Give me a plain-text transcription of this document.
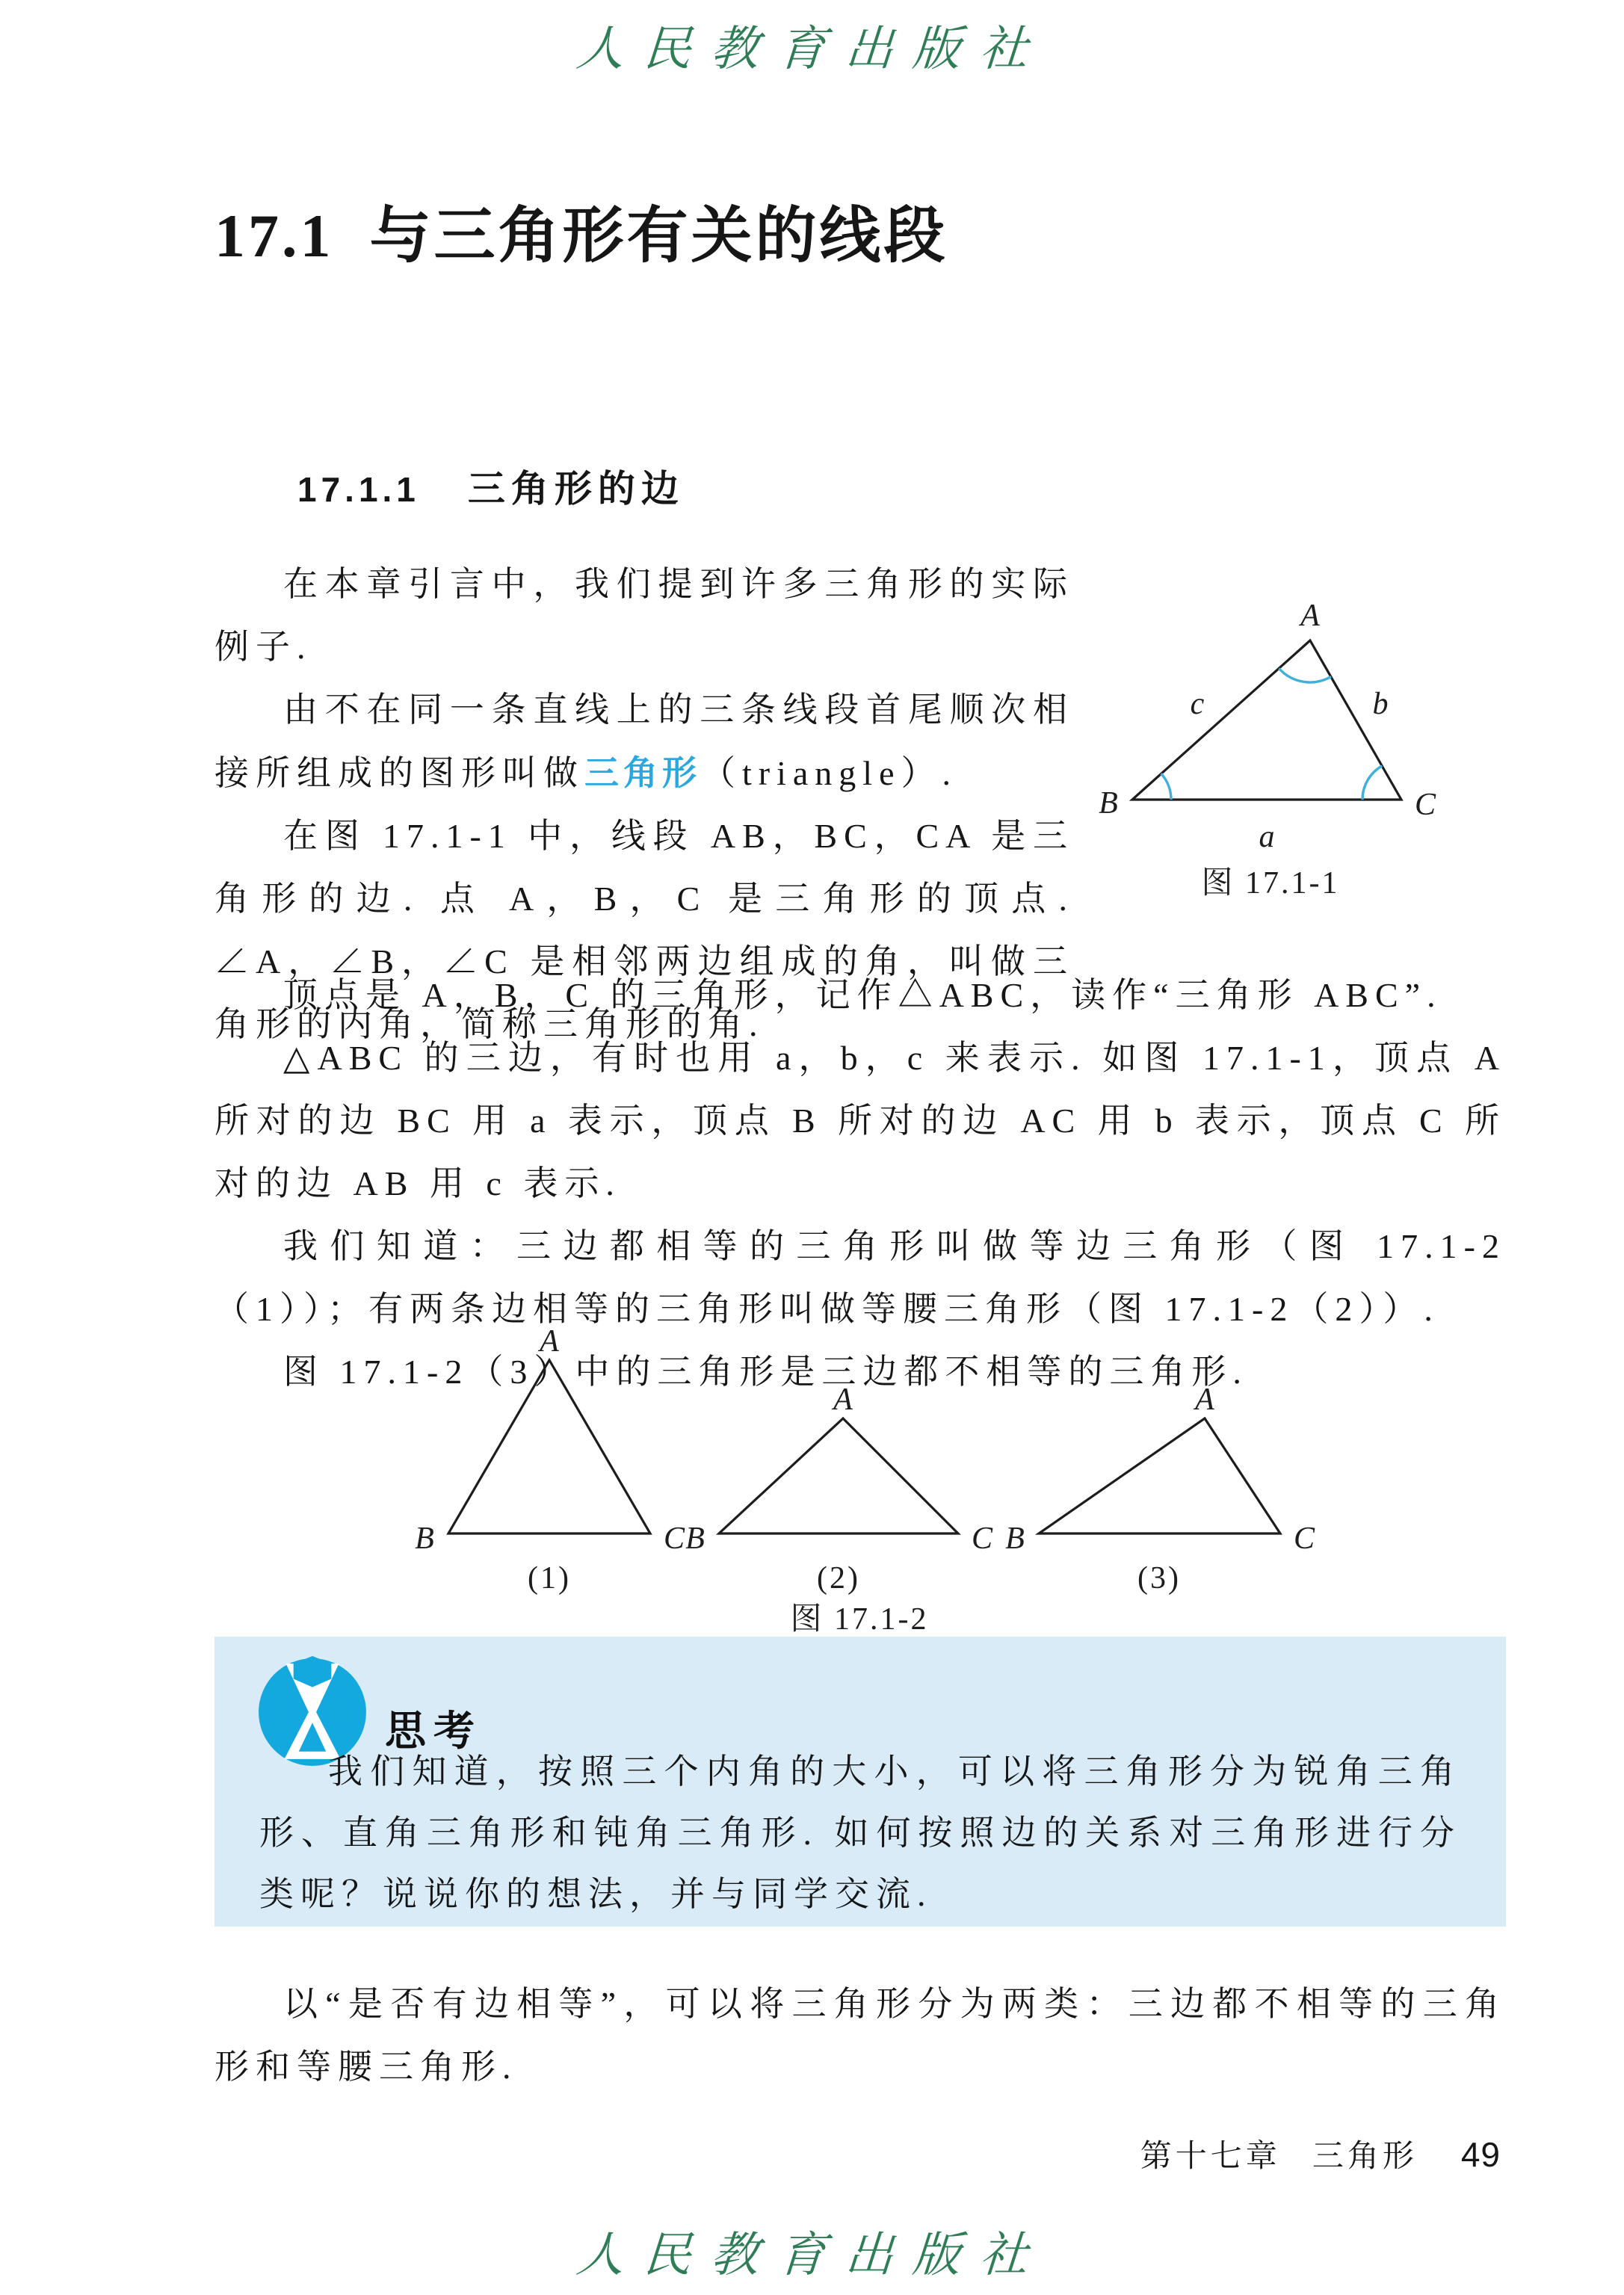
人民教育出版社
17.1 与三角形有关的线段
17.1.1 三角形的边

在本章引言中，我们提到许多三角形的实际例子.

由不在同一条直线上的三条线段首尾顺次相接所组成的图形叫做三角形（triangle）.

在图 17.1-1 中，线段 AB，BC，CA 是三角形的边. 点 A，B，C 是三角形的顶点. ∠A，∠B，∠C 是相邻两边组成的角，叫做三角形的内角，简称三角形的角.

A
B	C
c	b
a
图 17.1-1

顶点是 A，B，C 的三角形，记作△ABC，读作“三角形 ABC”.

△ABC 的三边，有时也用 a，b，c 来表示. 如图 17.1-1，顶点 A 所对的边 BC 用 a 表示，顶点 B 所对的边 AC 用 b 表示，顶点 C 所对的边 AB 用 c 表示.

我们知道：三边都相等的三角形叫做等边三角形（图 17.1-2（1））；有两条边相等的三角形叫做等腰三角形（图 17.1-2（2））.

图 17.1-2（3）中的三角形是三边都不相等的三角形.

A
B	C
(1)
A
B	C
(2)
A
B	C
(3)
图 17.1-2
思考

我们知道，按照三个内角的大小，可以将三角形分为锐角三角形、直角三角形和钝角三角形. 如何按照边的关系对三角形进行分类呢？说说你的想法，并与同学交流.

以“是否有边相等”，可以将三角形分为两类：三边都不相等的三角形和等腰三角形.

第十七章 三角形 49
人民教育出版社
